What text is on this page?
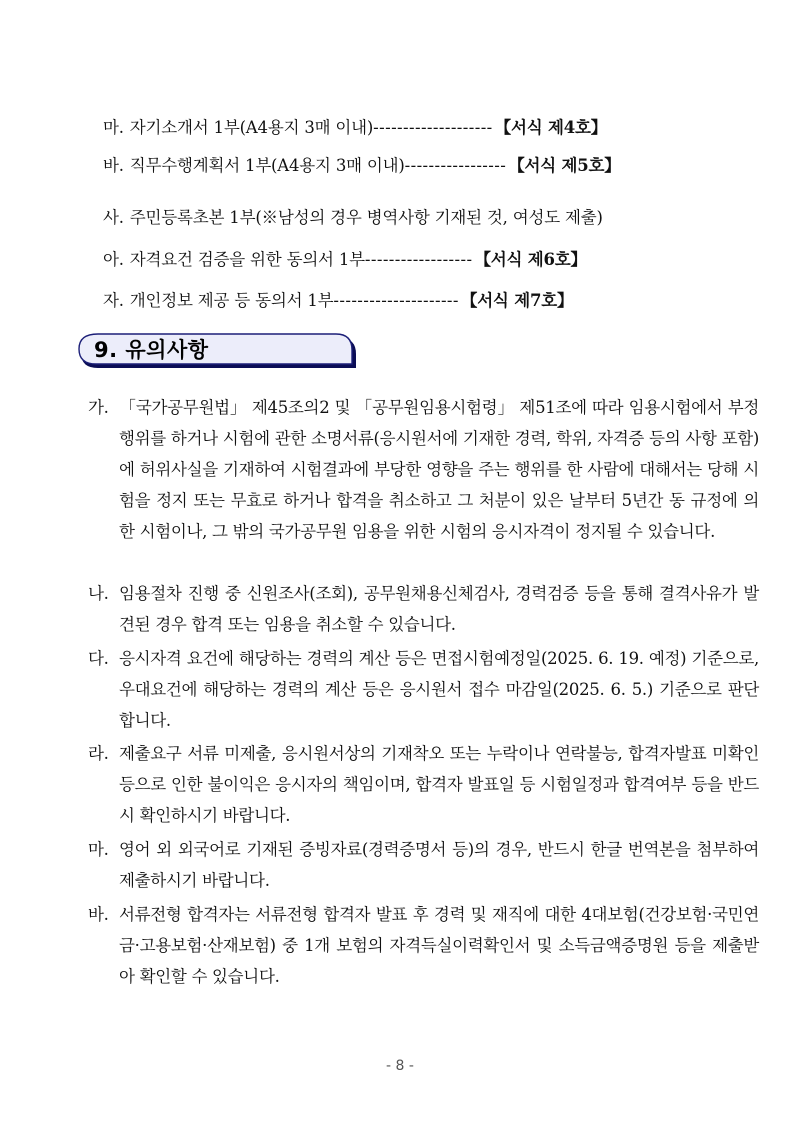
마. 자기소개서 1부(A4용지 3매 이내)-------------------- 【서식 제4호】
바. 직무수행계획서 1부(A4용지 3매 이내)----------------- 【서식 제5호】
사. 주민등록초본 1부(※남성의 경우 병역사항 기재된 것, 여성도 제출)
아. 자격요건 검증을 위한 동의서 1부------------------ 【서식 제6호】
자. 개인정보 제공 등 동의서 1부--------------------- 【서식 제7호】
9. 유의사항
가. 「국가공무원법」 제45조의2 및 「공무원임용시험령」 제51조에 따라 임용시험에서 부정행위를 하거나 시험에 관한 소명서류(응시원서에 기재한 경력, 학위, 자격증 등의 사항 포함)에 허위사실을 기재하여 시험결과에 부당한 영향을 주는 행위를 한 사람에 대해서는 당해 시험을 정지 또는 무효로 하거나 합격을 취소하고 그 처분이 있은 날부터 5년간 동 규정에 의한 시험이나, 그 밖의 국가공무원 임용을 위한 시험의 응시자격이 정지될 수 있습니다.
나. 임용절차 진행 중 신원조사(조회), 공무원채용신체검사, 경력검증 등을 통해 결격사유가 발견된 경우 합격 또는 임용을 취소할 수 있습니다.
다. 응시자격 요건에 해당하는 경력의 계산 등은 면접시험예정일(2025. 6. 19. 예정) 기준으로, 우대요건에 해당하는 경력의 계산 등은 응시원서 접수 마감일(2025. 6. 5.) 기준으로 판단합니다.
라. 제출요구 서류 미제출, 응시원서상의 기재착오 또는 누락이나 연락불능, 합격자발표 미확인 등으로 인한 불이익은 응시자의 책임이며, 합격자 발표일 등 시험일정과 합격여부 등을 반드시 확인하시기 바랍니다.
마. 영어 외 외국어로 기재된 증빙자료(경력증명서 등)의 경우, 반드시 한글 번역본을 첨부하여 제출하시기 바랍니다.
바. 서류전형 합격자는 서류전형 합격자 발표 후 경력 및 재직에 대한 4대보험(건강보험·국민연금·고용보험·산재보험) 중 1개 보험의 자격득실이력확인서 및 소득금액증명원 등을 제출받아 확인할 수 있습니다.
- 8 -
